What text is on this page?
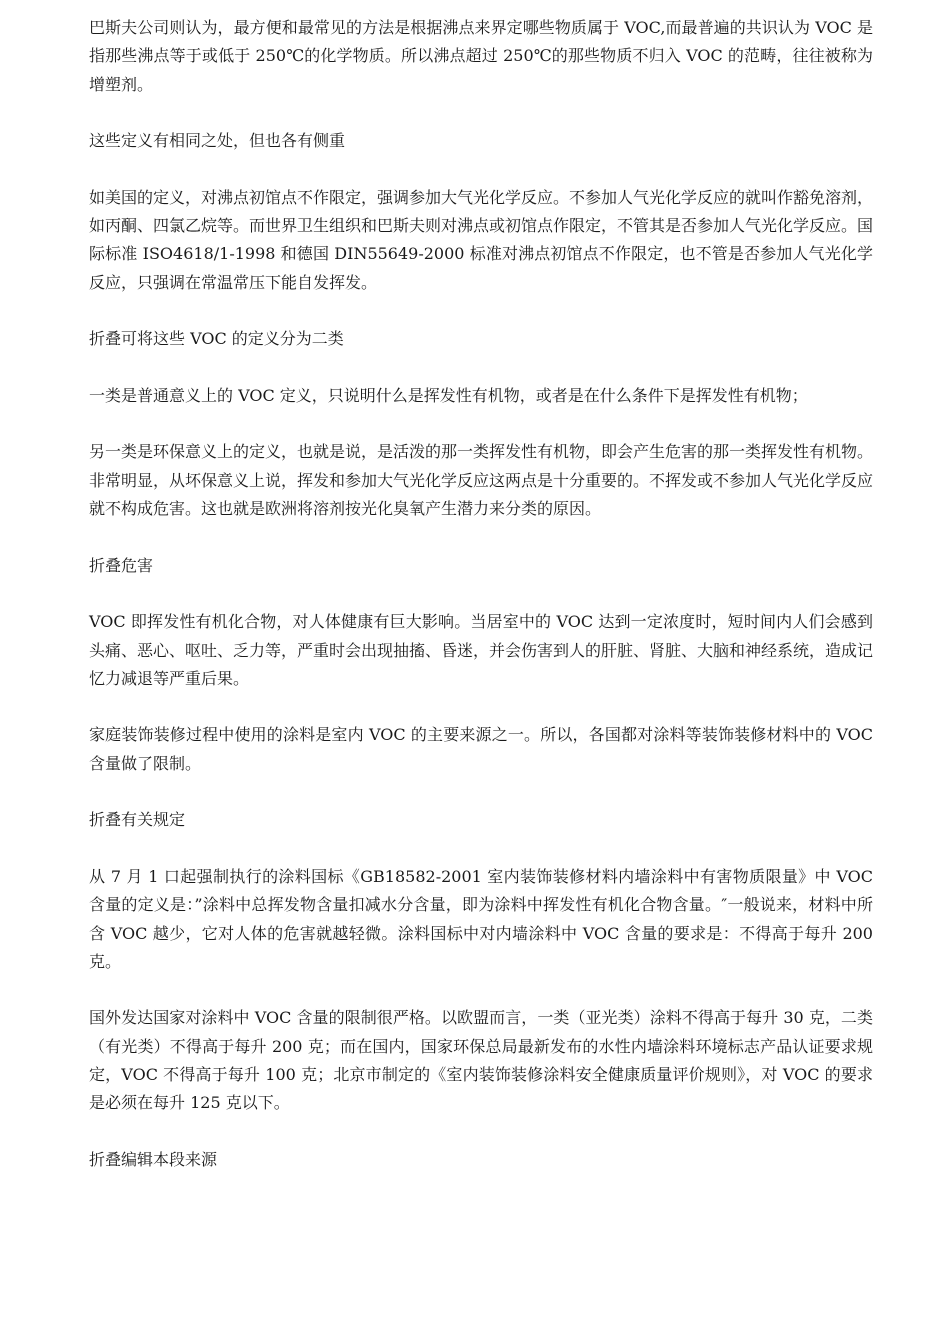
巴斯夫公司则认为，最方便和最常见的方法是根据沸点来界定哪些物质属于 VOC,而最普遍的共识认为 VOC 是指那些沸点等于或低于 250℃的化学物质。所以沸点超过 250℃的那些物质不归入 VOC 的范畴，往往被称为增塑剂。

这些定义有相同之处，但也各有侧重

如美国的定义，对沸点初馆点不作限定，强调参加大气光化学反应。不参加人气光化学反应的就叫作豁免溶剂，如丙酮、四氯乙烷等。而世界卫生组织和巴斯夫则对沸点或初馆点作限定，不管其是否参加人气光化学反应。国际标准 ISO4618/1-1998 和德国 DIN55649-2000 标准对沸点初馆点不作限定，也不管是否参加人气光化学反应，只强调在常温常压下能自发挥发。

折叠可将这些 VOC 的定义分为二类

一类是普通意义上的 VOC 定义，只说明什么是挥发性有机物，或者是在什么条件下是挥发性有机物；

另一类是环保意义上的定义，也就是说，是活泼的那一类挥发性有机物，即会产生危害的那一类挥发性有机物。非常明显，从坏保意义上说，挥发和参加大气光化学反应这两点是十分重要的。不挥发或不参加人气光化学反应就不构成危害。这也就是欧洲将溶剂按光化臭氧产生潜力来分类的原因。

折叠危害

VOC 即挥发性有机化合物，对人体健康有巨大影响。当居室中的 VOC 达到一定浓度时，短时间内人们会感到头痛、恶心、呕吐、乏力等，严重时会出现抽搐、昏迷，并会伤害到人的肝脏、肾脏、大脑和神经系统，造成记忆力减退等严重后果。

家庭装饰装修过程中使用的涂料是室内 VOC 的主要来源之一。所以，各国都对涂料等装饰装修材料中的 VOC 含量做了限制。

折叠有关规定

从 7 月 1 口起强制执行的涂料国标《GB18582-2001 室内装饰装修材料内墙涂料中有害物质限量》中 VOC 含量的定义是：”涂料中总挥发物含量扣减水分含量，即为涂料中挥发性有机化合物含量。″一般说来，材料中所含 VOC 越少，它对人体的危害就越轻微。涂料国标中对内墙涂料中 VOC 含量的要求是：不得高于每升 200 克。

国外发达国家对涂料中 VOC 含量的限制很严格。以欧盟而言，一类（亚光类）涂料不得高于每升 30 克，二类（有光类）不得高于每升 200 克；而在国内，国家环保总局最新发布的水性内墙涂料环境标志产品认证要求规定，VOC 不得高于每升 100 克；北京市制定的《室内装饰装修涂料安全健康质量评价规则》，对 VOC 的要求是必须在每升 125 克以下。

折叠编辑本段来源
